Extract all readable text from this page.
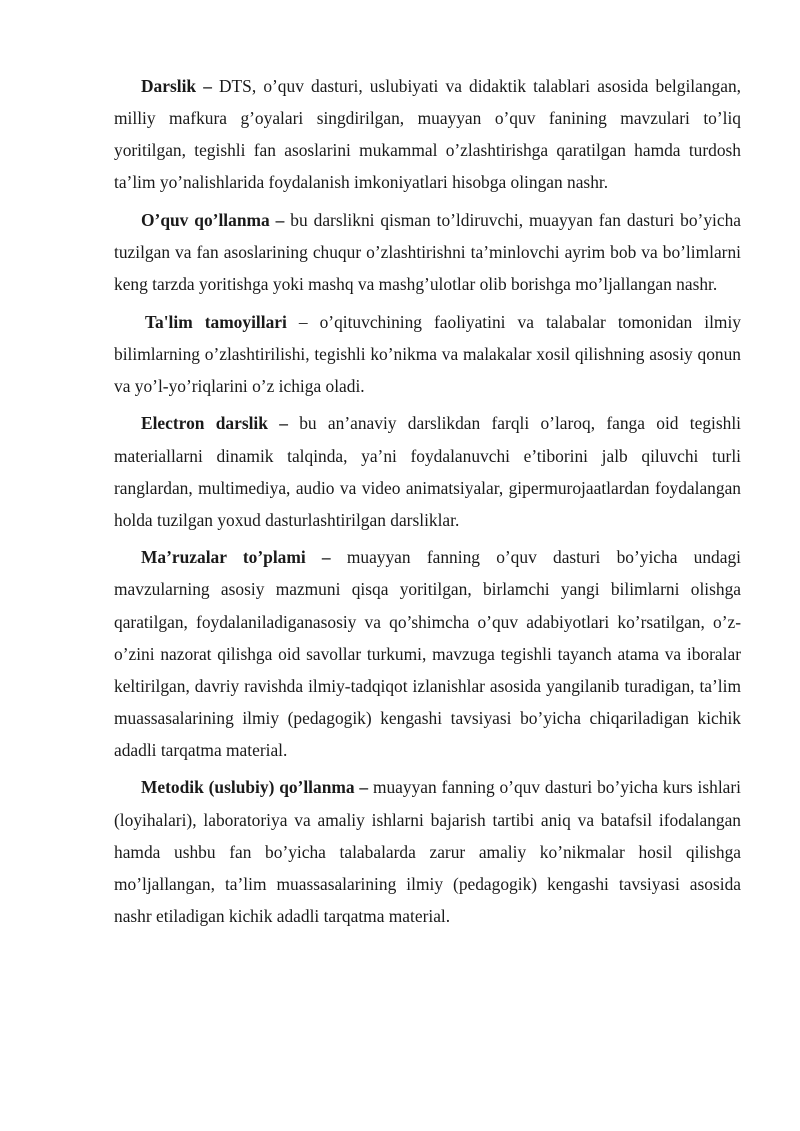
Darslik – DTS, o’quv dasturi, uslubiyati va didaktik talablari asosida belgilangan, milliy mafkura g’oyalari singdirilgan, muayyan o’quv fanining mavzulari to’liq yoritilgan, tegishli fan asoslarini mukammal o’zlashtirishga qaratilgan hamda turdosh ta’lim yo’nalishlarida foydalanish imkoniyatlari hisobga olingan nashr.

O’quv qo’llanma – bu darslikni qisman to’ldiruvchi, muayyan fan dasturi bo’yicha tuzilgan va fan asoslarining chuqur o’zlashtirishni ta’minlovchi ayrim bob va bo’limlarni keng tarzda yoritishga yoki mashq va mashg’ulotlar olib borishga mo’ljallangan nashr.

Ta'lim tamoyillari – o’qituvchining faoliyatini va talabalar tomonidan ilmiy bilimlarning o’zlashtirilishi, tegishli ko’nikma va malakalar xosil qilishning asosiy qonun va yo’l-yo’riqlarini o’z ichiga oladi.

Electron darslik – bu an’anaviy darslikdan farqli o’laroq, fanga oid tegishli materiallarni dinamik talqinda, ya’ni foydalanuvchi e’tiborini jalb qiluvchi turli ranglardan, multimediya, audio va video animatsiyalar, gipermurojaatlardan foydalangan holda tuzilgan yoxud dasturlashtirilgan darsliklar.

Ma’ruzalar to’plami – muayyan fanning o’quv dasturi bo’yicha undagi mavzularning asosiy mazmuni qisqa yoritilgan, birlamchi yangi bilimlarni olishga qaratilgan, foydalaniladiganasosiy va qo’shimcha o’quv adabiyotlari ko’rsatilgan, o’z-o’zini nazorat qilishga oid savollar turkumi, mavzuga tegishli tayanch atama va iboralar keltirilgan, davriy ravishda ilmiy-tadqiqot izlanishlar asosida yangilanib turadigan, ta’lim muassasalarining ilmiy (pedagogik) kengashi tavsiyasi bo’yicha chiqariladigan kichik adadli tarqatma material.

Metodik (uslubiy) qo’llanma – muayyan fanning o’quv dasturi bo’yicha kurs ishlari (loyihalari), laboratoriya va amaliy ishlarni bajarish tartibi aniq va batafsil ifodalangan hamda ushbu fan bo’yicha talabalarda zarur amaliy ko’nikmalar hosil qilishga mo’ljallangan, ta’lim muassasalarining ilmiy (pedagogik) kengashi tavsiyasi asosida nashr etiladigan kichik adadli tarqatma material.
